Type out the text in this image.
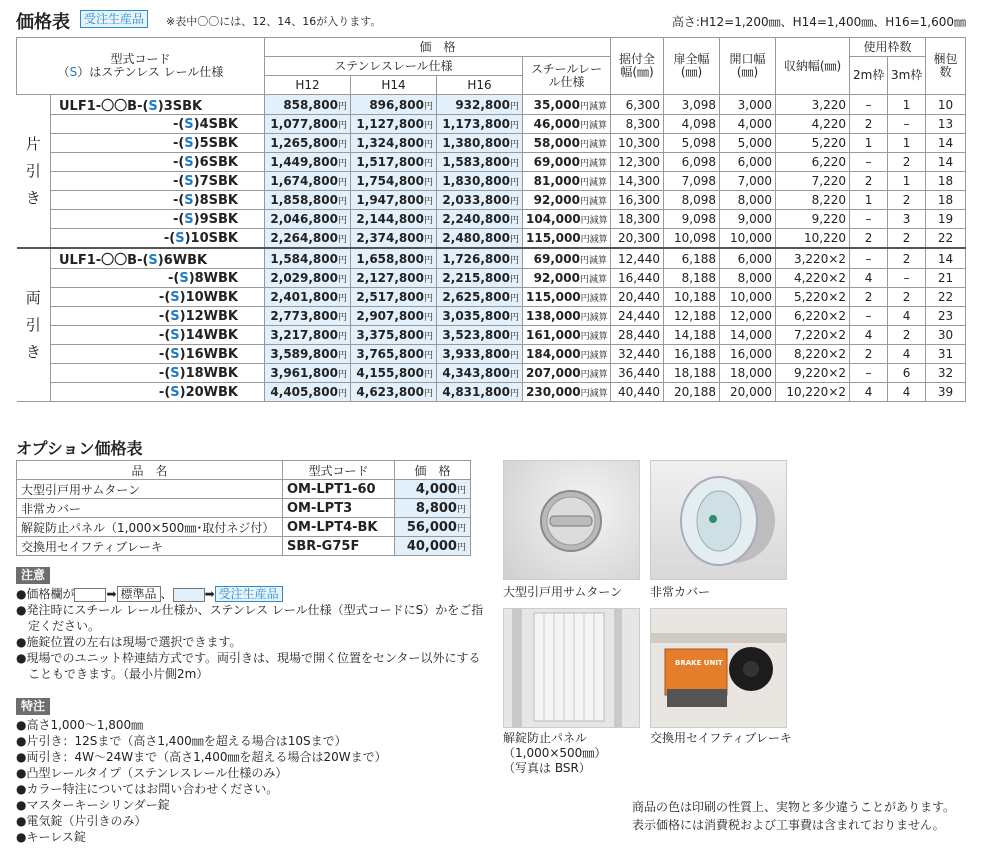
価格表	受注生産品	※表中〇〇には、12、14、16が入ります。	高さ:H12=1,200㎜、H14=1,400㎜、H16=1,600㎜
型式コード
（S）はステンレス レール仕様		価　格				据付全幅(㎜)	扉全幅(㎜)	開口幅(㎜)	収納幅(㎜)	使用枠数		梱包数
		ステンレスレール仕様			スチールレール仕様					2m枠	3m枠	
		H12	H14	H16								

片
引
き	ULF1-〇〇B-(S)3SBK	858,800円	896,800円	932,800円	35,000円減算	6,300	3,098	3,000	3,220	–	1	10
	-(S)4SBK	1,077,800円	1,127,800円	1,173,800円	46,000円減算	8,300	4,098	4,000	4,220	2	–	13
	-(S)5SBK	1,265,800円	1,324,800円	1,380,800円	58,000円減算	10,300	5,098	5,000	5,220	1	1	14
	-(S)6SBK	1,449,800円	1,517,800円	1,583,800円	69,000円減算	12,300	6,098	6,000	6,220	–	2	14
	-(S)7SBK	1,674,800円	1,754,800円	1,830,800円	81,000円減算	14,300	7,098	7,000	7,220	2	1	18
	-(S)8SBK	1,858,800円	1,947,800円	2,033,800円	92,000円減算	16,300	8,098	8,000	8,220	1	2	18
	-(S)9SBK	2,046,800円	2,144,800円	2,240,800円	104,000円減算	18,300	9,098	9,000	9,220	–	3	19
	-(S)10SBK	2,264,800円	2,374,800円	2,480,800円	115,000円減算	20,300	10,098	10,000	10,220	2	2	22

両
引
き	ULF1-〇〇B-(S)6WBK	1,584,800円	1,658,800円	1,726,800円	69,000円減算	12,440	6,188	6,000	3,220×2	–	2	14
	-(S)8WBK	2,029,800円	2,127,800円	2,215,800円	92,000円減算	16,440	8,188	8,000	4,220×2	4	–	21
	-(S)10WBK	2,401,800円	2,517,800円	2,625,800円	115,000円減算	20,440	10,188	10,000	5,220×2	2	2	22
	-(S)12WBK	2,773,800円	2,907,800円	3,035,800円	138,000円減算	24,440	12,188	12,000	6,220×2	–	4	23
	-(S)14WBK	3,217,800円	3,375,800円	3,523,800円	161,000円減算	28,440	14,188	14,000	7,220×2	4	2	30
	-(S)16WBK	3,589,800円	3,765,800円	3,933,800円	184,000円減算	32,440	16,188	16,000	8,220×2	2	4	31
	-(S)18WBK	3,961,800円	4,155,800円	4,343,800円	207,000円減算	36,440	18,188	18,000	9,220×2	–	6	32
	-(S)20WBK	4,405,800円	4,623,800円	4,831,800円	230,000円減算	40,440	20,188	20,000	10,220×2	4	4	39
オプション価格表
品　名	型式コード	価　格
大型引戸用サムターン	OM-LPT1-60	4,000円
非常カバー	OM-LPT3	8,800円
解錠防止パネル（1,000×500㎜･取付ネジ付）	OM-LPT4-BK	56,000円
交換用セイフティブレーキ	SBR-G75F	40,000円
注意
●価格欄が	➡ 標準品 、	➡ 受注生産品
●発注時にスチール レール仕様か、ステンレス レール仕様（型式コードにS）かをご指定ください。
●施錠位置の左右は現場で選択できます。
●現場でのユニット枠連結方式です。両引きは、現場で開く位置をセンター以外にすることもできます。（最小片側2m）
特注
●高さ1,000～1,800㎜
●片引き：12Sまで（高さ1,400㎜を超える場合は10Sまで）
●両引き：4W～24Wまで（高さ1,400㎜を超える場合は20Wまで）
●凸型レールタイプ（ステンレスレール仕様のみ）
●カラー特注についてはお問い合わせください。
●マスターキーシリンダー錠
●電気錠（片引きのみ）
●キーレス錠
大型引戸用サムターン 非常カバー
解錠防止パネル
（1,000×500㎜）
（写真は BSR）
BRAKE UNIT
交換用セイフティブレーキ
商品の色は印刷の性質上、実物と多少違うことがあります。
表示価格には消費税および工事費は含まれておりません。
